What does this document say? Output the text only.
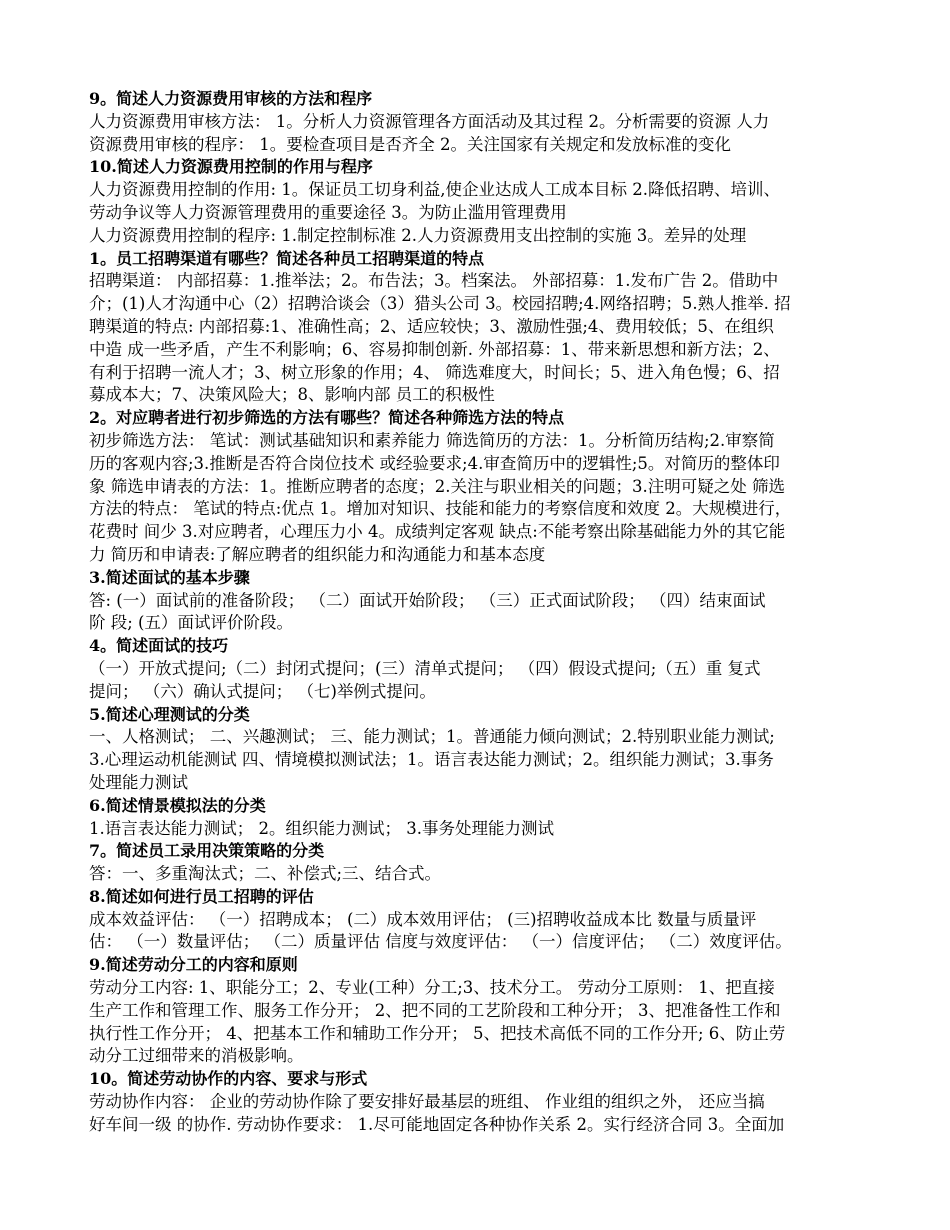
9。简述人力资源费用审核的方法和程序
人力资源费用审核方法： 1。分析人力资源管理各方面活动及其过程 2。分析需要的资源 人力
资源费用审核的程序： 1。要检查项目是否齐全 2。关注国家有关规定和发放标准的变化
10.简述人力资源费用控制的作用与程序
人力资源费用控制的作用: 1。保证员工切身利益,使企业达成人工成本目标 2.降低招聘、培训、
劳动争议等人力资源管理费用的重要途径 3。为防止滥用管理费用
人力资源费用控制的程序: 1.制定控制标准 2.人力资源费用支出控制的实施 3。差异的处理
1。员工招聘渠道有哪些？简述各种员工招聘渠道的特点
招聘渠道： 内部招募：1.推举法；2。布告法；3。档案法。 外部招募：1.发布广告 2。借助中
介；(1)人才沟通中心（2）招聘洽谈会（3）猎头公司 3。校园招聘;4.网络招聘；5.熟人推举. 招
聘渠道的特点: 内部招募:1、准确性高；2、适应较快；3、激励性强;4、费用较低；5、在组织
中造 成一些矛盾，产生不利影响；6、容易抑制创新. 外部招募：1、带来新思想和新方法；2、
有利于招聘一流人才；3、树立形象的作用；4、 筛选难度大，时间长；5、进入角色慢；6、招
募成本大；7、决策风险大；8、影响内部 员工的积极性
2。对应聘者进行初步筛选的方法有哪些？简述各种筛选方法的特点
初步筛选方法： 笔试：测试基础知识和素养能力 筛选简历的方法：1。分析简历结构;2.审察简
历的客观内容;3.推断是否符合岗位技术 或经验要求;4.审查简历中的逻辑性;5。对简历的整体印
象 筛选申请表的方法：1。推断应聘者的态度；2.关注与职业相关的问题；3.注明可疑之处 筛选
方法的特点： 笔试的特点:优点 1。增加对知识、技能和能力的考察信度和效度 2。大规模进行，
花费时 间少 3.对应聘者，心理压力小 4。成绩判定客观 缺点:不能考察出除基础能力外的其它能
力 简历和申请表:了解应聘者的组织能力和沟通能力和基本态度
3.简述面试的基本步骤
答: (一）面试前的准备阶段； （二）面试开始阶段； （三）正式面试阶段； （四）结束面试
阶 段; (五）面试评价阶段。
4。简述面试的技巧
（一）开放式提问;（二）封闭式提问；(三）清单式提问； （四）假设式提问;（五）重 复式
提问； （六）确认式提问； （七)举例式提问。
5.简述心理测试的分类
一、人格测试； 二、兴趣测试； 三、能力测试；1。普通能力倾向测试；2.特别职业能力测试;
3.心理运动机能测试 四、情境模拟测试法；1。语言表达能力测试；2。组织能力测试；3.事务
处理能力测试
6.简述情景模拟法的分类
1.语言表达能力测试； 2。组织能力测试； 3.事务处理能力测试
7。简述员工录用决策策略的分类
答：一、多重淘汰式；二、补偿式;三、结合式。
8.简述如何进行员工招聘的评估
成本效益评估： （一）招聘成本； (二）成本效用评估； (三)招聘收益成本比 数量与质量评
估： （一）数量评估； （二）质量评估 信度与效度评估： （一）信度评估； （二）效度评估。
9.简述劳动分工的内容和原则
劳动分工内容: 1、职能分工；2、专业(工种）分工;3、技术分工。 劳动分工原则： 1、把直接
生产工作和管理工作、服务工作分开； 2、把不同的工艺阶段和工种分开； 3、把准备性工作和
执行性工作分开； 4、把基本工作和辅助工作分开； 5、把技术高低不同的工作分开; 6、防止劳
动分工过细带来的消极影响。
10。简述劳动协作的内容、要求与形式
劳动协作内容： 企业的劳动协作除了要安排好最基层的班组、 作业组的组织之外， 还应当搞
好车间一级 的协作. 劳动协作要求： 1.尽可能地固定各种协作关系 2。实行经济合同 3。全面加
